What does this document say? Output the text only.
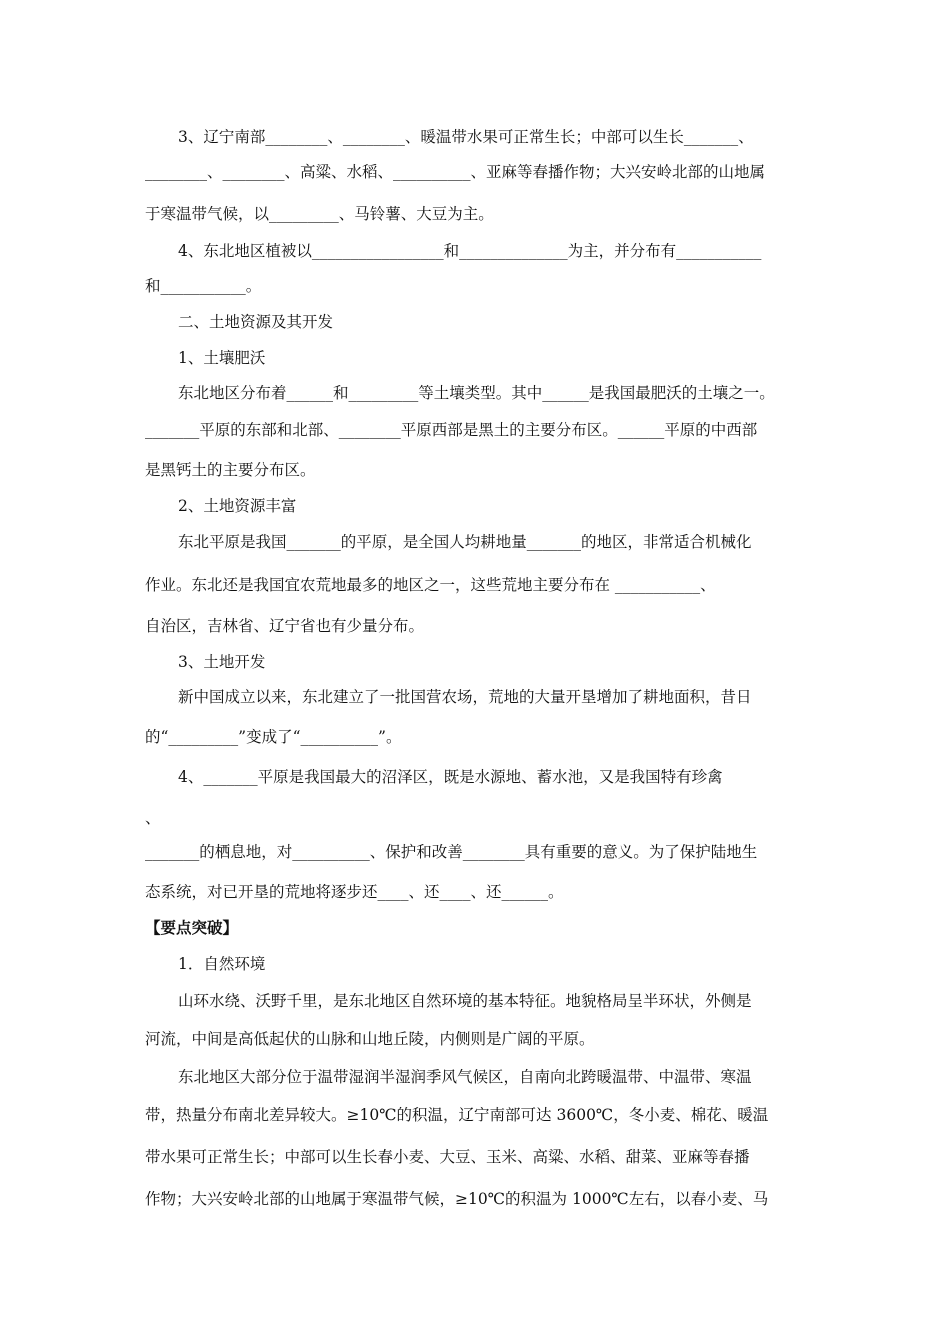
3、辽宁南部________、________、暖温带水果可正常生长；中部可以生长_______、
________、________、高粱、水稻、__________、亚麻等春播作物；大兴安岭北部的山地属
于寒温带气候，以_________、马铃薯、大豆为主。
4、东北地区植被以_________________和______________为主，并分布有___________
和___________。
二、土地资源及其开发
1、土壤肥沃
东北地区分布着______和_________等土壤类型。其中______是我国最肥沃的土壤之一。
_______平原的东部和北部、________平原西部是黑土的主要分布区。______平原的中西部
是黑钙土的主要分布区。
2、土地资源丰富
东北平原是我国_______的平原，是全国人均耕地量_______的地区，非常适合机械化
作业。东北还是我国宜农荒地最多的地区之一，这些荒地主要分布在 ___________、
自治区，吉林省、辽宁省也有少量分布。
3、土地开发
新中国成立以来，东北建立了一批国营农场，荒地的大量开垦增加了耕地面积，昔日
的“_________”变成了“__________”。
4、_______平原是我国最大的沼泽区，既是水源地、蓄水池，又是我国特有珍禽
、
_______的栖息地，对__________、保护和改善________具有重要的意义。为了保护陆地生
态系统，对已开垦的荒地将逐步还____、还____、还______。
【要点突破】
1．自然环境
山环水绕、沃野千里，是东北地区自然环境的基本特征。地貌格局呈半环状，外侧是
河流，中间是高低起伏的山脉和山地丘陵，内侧则是广阔的平原。
东北地区大部分位于温带湿润半湿润季风气候区，自南向北跨暖温带、中温带、寒温
带，热量分布南北差异较大。≥10℃的积温，辽宁南部可达 3600℃，冬小麦、棉花、暖温
带水果可正常生长；中部可以生长春小麦、大豆、玉米、高粱、水稻、甜菜、亚麻等春播
作物；大兴安岭北部的山地属于寒温带气候，≥10℃的积温为 1000℃左右，以春小麦、马
